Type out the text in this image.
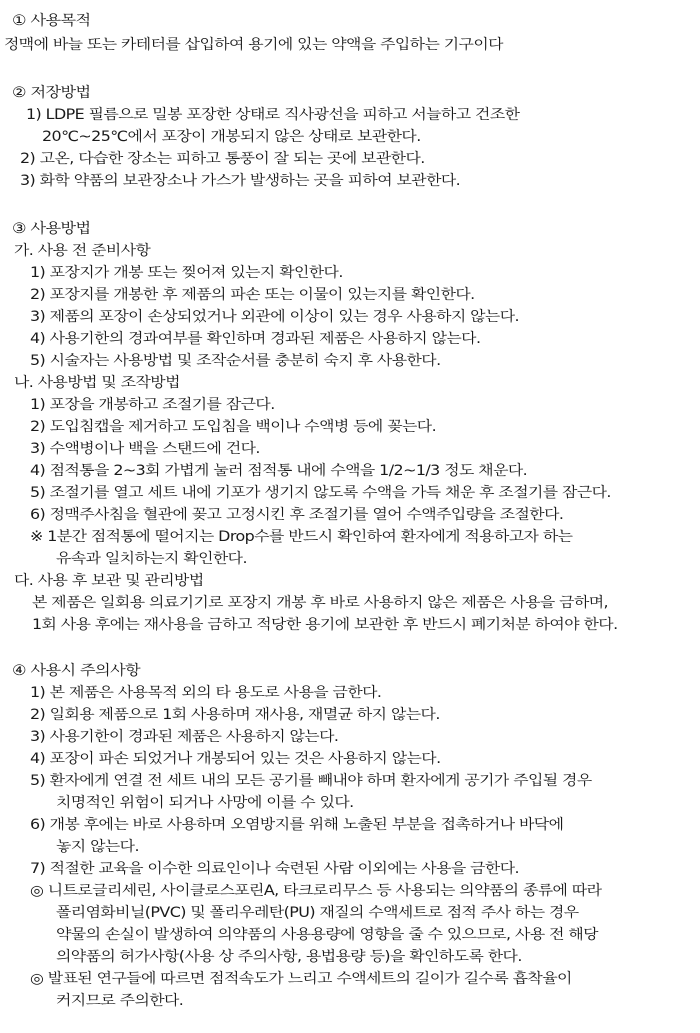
① 사용목적
정맥에 바늘 또는 카테터를 삽입하여 용기에 있는 약액을 주입하는 기구이다
② 저장방법
1) LDPE 필름으로 밀봉 포장한 상태로 직사광선을 피하고 서늘하고 건조한
20℃~25℃에서 포장이 개봉되지 않은 상태로 보관한다.
2) 고온, 다습한 장소는 피하고 통풍이 잘 되는 곳에 보관한다.
3) 화학 약품의 보관장소나 가스가 발생하는 곳을 피하여 보관한다.
③ 사용방법
가. 사용 전 준비사항
1) 포장지가 개봉 또는 찢어져 있는지 확인한다.
2) 포장지를 개봉한 후 제품의 파손 또는 이물이 있는지를 확인한다.
3) 제품의 포장이 손상되었거나 외관에 이상이 있는 경우 사용하지 않는다.
4) 사용기한의 경과여부를 확인하며 경과된 제품은 사용하지 않는다.
5) 시술자는 사용방법 및 조작순서를 충분히 숙지 후 사용한다.
나. 사용방법 및 조작방법
1) 포장을 개봉하고 조절기를 잠근다.
2) 도입침캡을 제거하고 도입침을 백이나 수액병 등에 꽂는다.
3) 수액병이나 백을 스탠드에 건다.
4) 점적통을 2~3회 가볍게 눌러 점적통 내에 수액을 1/2~1/3 정도 채운다.
5) 조절기를 열고 세트 내에 기포가 생기지 않도록 수액을 가득 채운 후 조절기를 잠근다.
6) 정맥주사침을 혈관에 꽂고 고정시킨 후 조절기를 열어 수액주입량을 조절한다.
※ 1분간 점적통에 떨어지는 Drop수를 반드시 확인하여 환자에게 적용하고자 하는
유속과 일치하는지 확인한다.
다. 사용 후 보관 및 관리방법
본 제품은 일회용 의료기기로 포장지 개봉 후 바로 사용하지 않은 제품은 사용을 금하며,
1회 사용 후에는 재사용을 금하고 적당한 용기에 보관한 후 반드시 폐기처분 하여야 한다.
④ 사용시 주의사항
1) 본 제품은 사용목적 외의 타 용도로 사용을 금한다.
2) 일회용 제품으로 1회 사용하며 재사용, 재멸균 하지 않는다.
3) 사용기한이 경과된 제품은 사용하지 않는다.
4) 포장이 파손 되었거나 개봉되어 있는 것은 사용하지 않는다.
5) 환자에게 연결 전 세트 내의 모든 공기를 빼내야 하며 환자에게 공기가 주입될 경우
치명적인 위험이 되거나 사망에 이를 수 있다.
6) 개봉 후에는 바로 사용하며 오염방지를 위해 노출된 부분을 접촉하거나 바닥에
놓지 않는다.
7) 적절한 교육을 이수한 의료인이나 숙련된 사람 이외에는 사용을 금한다.
◎ 니트로글리세린, 사이클로스포린A, 타크로리무스 등 사용되는 의약품의 종류에 따라
폴리염화비닐(PVC) 및 폴리우레탄(PU) 재질의 수액세트로 점적 주사 하는 경우
약물의 손실이 발생하여 의약품의 사용용량에 영향을 줄 수 있으므로, 사용 전 해당
의약품의 허가사항(사용 상 주의사항, 용법용량 등)을 확인하도록 한다.
◎ 발표된 연구들에 따르면 점적속도가 느리고 수액세트의 길이가 길수록 흡착율이
커지므로 주의한다.
